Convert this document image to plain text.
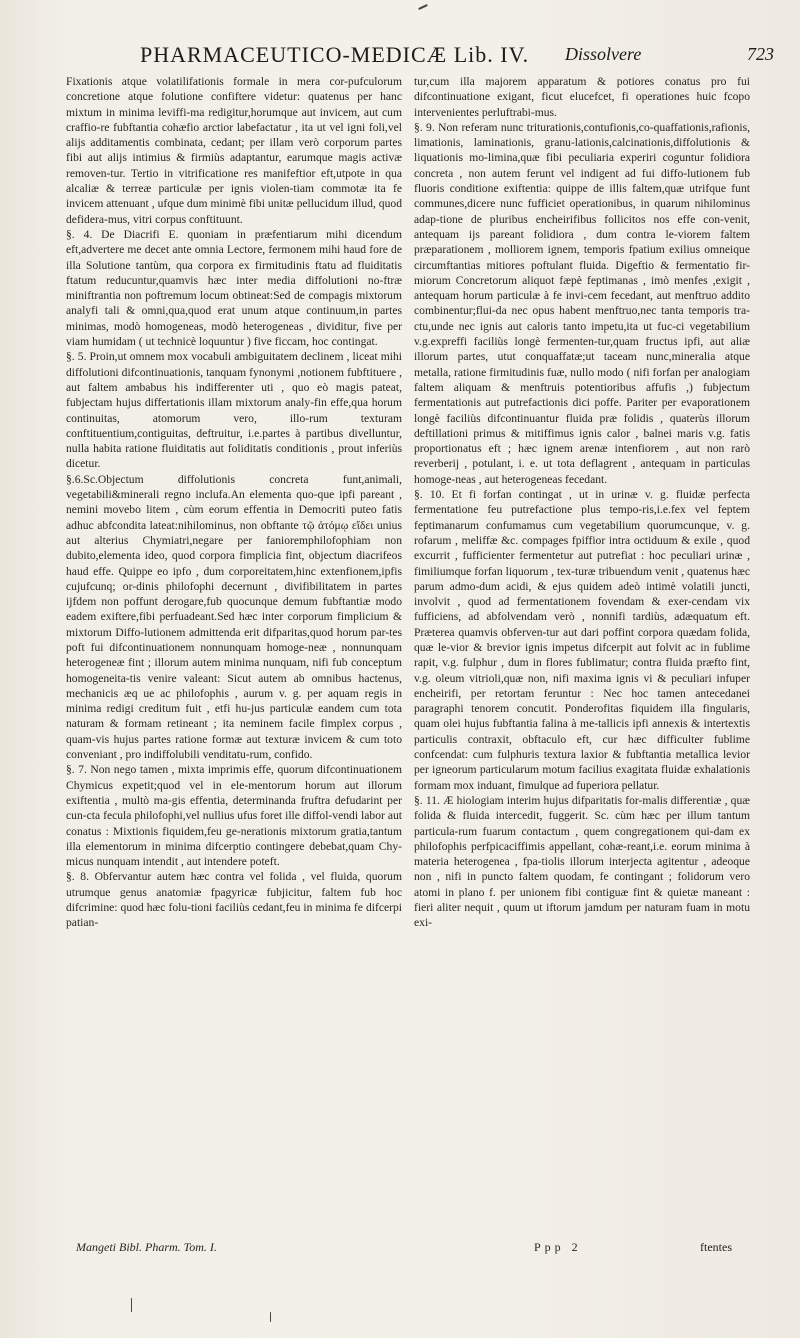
PHARMACEUTICO-MEDICÆ Lib. IV. Dissolvere	723

Fixationis atque volatilifationis formale in mera cor-pufculorum concretione atque folutione confiftere videtur: quatenus per hanc mixtum in minima leviffi-ma redigitur,horumque aut invicem, aut cum craffio-re fubftantia cohæfio arctior labefactatur , ita ut vel igni foli,vel alijs additamentis combinata, cedant; per illam verò corporum partes fibi aut alijs intimius & firmiùs adaptantur, earumque magis activæ removen-tur. Tertio in vitrificatione res manifeftior eft,utpote in qua alcaliæ & terreæ particulæ per ignis violen-tiam commotæ ita fe invicem attenuant , ufque dum minimè fibi unitæ pellucidum illud, quod defidera-mus, vitri corpus conftituunt.

§. 4. De Diacrifi E. quoniam in præfentiarum mihi dicendum eft,advertere me decet ante omnia Lectore, fermonem mihi haud fore de illa Solutione tantùm, qua corpora ex firmitudinis ftatu ad fluiditatis ftatum reducuntur,quamvis hæc inter media diffolutioni no-ftræ miniftrantia non poftremum locum obtineat:Sed de compagis mixtorum analyfi tali & omni,qua,quod erat unum atque continuum,in partes minimas, modò homogeneas, modò heterogeneas , dividitur, five per viam humidam ( ut technicè loquuntur ) five ficcam, hoc contingat.

§. 5. Proin,ut omnem mox vocabuli ambiguitatem declinem , liceat mihi diffolutioni difcontinuationis, tanquam fynonymi ,notionem fubftituere , aut faltem ambabus his indifferenter uti , quo eò magis pateat, fubjectam hujus differtationis illam mixtorum analy-fin effe,qua horum continuitas, atomorum vero, illo-rum texturam conftituentium,contiguitas, deftruitur, i.e.partes à partibus divelluntur, nulla habita ratione fluiditatis aut foliditatis conditionis , prout inferiùs dicetur.

§.6.Sc.Objectum diffolutionis concreta funt,animali, vegetabili&minerali regno inclufa.An elementa quo-que ipfi pareant , nemini movebo litem , cùm eorum effentia in Democriti puteo fatis adhuc abfcondita lateat:nihilominus, non obftante τῷ ἀτόμῳ εἴδει unius aut alterius Chymiatri,negare per fanioremphilofophiam non dubito,elementa ideo, quod corpora fimplicia fint, objectum diacrifeos haud effe. Quippe eo ipfo , dum corporeitatem,hinc extenfionem,ipfis cujufcunq; or-dinis philofophi decernunt , divifibilitatem in partes ijfdem non poffunt derogare,fub quocunque demum fubftantiæ modo eadem exiftere,fibi perfuadeant.Sed hæc inter corporum fimplicium & mixtorum Diffo-lutionem admittenda erit difparitas,quod horum par-tes poft fui difcontinuationem nonnunquam homoge-neæ , nonnunquam heterogeneæ fint ; illorum autem minima nunquam, nifi fub conceptum homogeneita-tis venire valeant: Sicut autem ab omnibus hactenus, mechanicis æq ue ac philofophis , aurum v. g. per aquam regis in minima redigi creditum fuit , etfi hu-jus particulæ eandem cum tota naturam & formam retineant ; ita neminem facile fimplex corpus , quam-vis hujus partes ratione formæ aut texturæ invicem & cum toto conveniant , pro indiffolubili venditatu-rum, confido.

§. 7. Non nego tamen , mixta imprimis effe, quorum difcontinuationem Chymicus expetit;quod vel in ele-mentorum horum aut illorum exiftentia , multò ma-gis effentia, determinanda fruftra defudarint per cun-cta fecula philofophi,vel nullius ufus foret ille diffol-vendi labor aut conatus : Mixtionis fiquidem,feu ge-nerationis mixtorum gratia,tantum illa elementorum in minima difcerptio contingere debebat,quam Chy-micus nunquam intendit , aut intendere poteft.

§. 8. Obfervantur autem hæc contra vel folida , vel fluida, quorum utrumque genus anatomiæ fpagyricæ fubjicitur, faltem fub hoc difcrimine: quod hæc folu-tioni faciliùs cedant,feu in minima fe difcerpi patian-

tur,cum illa majorem apparatum & potiores conatus pro fui difcontinuatione exigant, ficut elucefcet, fi operationes huic fcopo intervenientes perluftrabi-mus.

§. 9. Non referam nunc triturationis,contufionis,co-quaffationis,rafionis, limationis, laminationis, granu-lationis,calcinationis,diffolutionis & liquationis mo-limina,quæ fibi peculiaria experiri coguntur folidiora concreta , non autem ferunt vel indigent ad fui diffo-lutionem fub fluoris conditione exiftentia: quippe de illis faltem,quæ utrifque funt communes,dicere nunc fufficiet operationibus, in quarum nihilominus adap-tione de pluribus encheirifibus follicitos nos effe con-venit, antequam ijs pareant folidiora , dum contra le-viorem faltem præparationem , molliorem ignem, temporis fpatium exilius omneique circumftantias mitiores poftulant fluida. Digeftio & fermentatio fir-miorum Concretorum aliquot fæpè feptimanas , imò menfes ,exigit , antequam horum particulæ à fe invi-cem fecedant, aut menftruo addito combinentur;flui-da nec opus habent menftruo,nec tanta temporis tra-ctu,unde nec ignis aut caloris tanto impetu,ita ut fuc-ci vegetabilium v.g.expreffi faciliùs longè fermenten-tur,quam fructus ipfi, aut aliæ illorum partes, utut conquaffatæ;ut taceam nunc,mineralia atque metalla, ratione firmitudinis fuæ, nullo modo ( nifi forfan per analogiam faltem aliquam & menftruis potentioribus affufis ,) fubjectum fermentationis aut putrefactionis dici poffe. Pariter per evaporationem longè faciliùs difcontinuantur fluida præ folidis , quaterùs illorum deftillationi primus & mitiffimus ignis calor , balnei maris v.g. fatis proportionatus eft ; hæc ignem arenæ intenfiorem , aut non rarò reverberij , potulant, i. e. ut tota deflagrent , antequam in particulas homoge-neas , aut heterogeneas fecedant.

§. 10. Et fi forfan contingat , ut in urinæ v. g. fluidæ perfecta fermentatione feu putrefactione plus tempo-ris,i.e.fex vel feptem feptimanarum confumamus cum vegetabilium quorumcunque, v. g. rofarum , meliffæ &c. compages fpiffior intra octiduum & exile , quod excurrit , fufficienter fermentetur aut putrefiat : hoc peculiari urinæ , fimiliumque forfan liquorum , tex-turæ tribuendum venit , quatenus hæc parum admo-dum acidi, & ejus quidem adeò intimè volatili juncti, involvit , quod ad fermentationem fovendam & exer-cendam vix fufficiens, ad abfolvendam verò , nonnifi tardiùs, adæquatum eft. Præterea quamvis obferven-tur aut dari poffint corpora quædam folida, quæ le-vior & brevior ignis impetus difcerpit aut folvit ac in fublime rapit, v.g. fulphur , dum in flores fublimatur; contra fluida præfto fint, v.g. oleum vitrioli,quæ non, nifi maxima ignis vi & peculiari infuper encheirifi, per retortam feruntur : Nec hoc tamen antecedanei paragraphi tenorem concutit. Ponderofitas fiquidem illa fingularis, quam olei hujus fubftantia falina à me-tallicis ipfi annexis & intertextis particulis contraxit, obftaculo eft, cur hæc difficulter fublime confcendat: cum fulphuris textura laxior & fubftantia metallica levior per igneorum particularum motum facilius exagitata fluidæ exhalationis formam mox induant, fimulque ad fuperiora pellatur.

§. 11. Æ hiologiam interim hujus difparitatis for-malis differentiæ , quæ folida & fluida intercedit, fuggerit. Sc. cùm hæc per illum tantum particula-rum fuarum contactum , quem congregationem qui-dam ex philofophis perfpicaciffimis appellant, cohæ-reant,i.e. eorum minima à materia heterogenea , fpa-tiolis illorum interjecta agitentur , adeoque non , nifi in puncto faltem quodam, fe contingant ; folidorum vero atomi in plano f. per unionem fibi contiguæ fint & quietæ maneant : fieri aliter nequit , quum ut iftorum jamdum per naturam fuam in motu exi-

Mangeti Bibl. Pharm. Tom. I.	Ppp 2	ftentes
